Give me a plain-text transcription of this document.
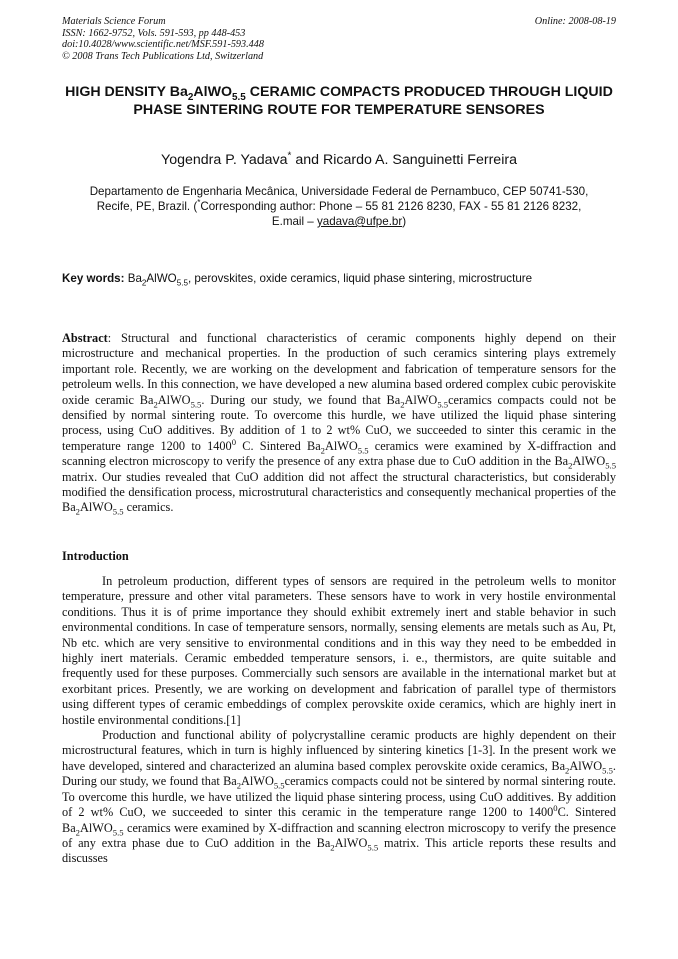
Materials Science Forum
ISSN: 1662-9752, Vols. 591-593, pp 448-453
doi:10.4028/www.scientific.net/MSF.591-593.448
© 2008 Trans Tech Publications Ltd, Switzerland
Online: 2008-08-19
HIGH DENSITY $Ba_2AlWO_{5.5}$ CERAMIC COMPACTS PRODUCED THROUGH LIQUID PHASE SINTERING ROUTE FOR TEMPERATURE SENSORES
Yogendra P. Yadava* and Ricardo A. Sanguinetti Ferreira
Departamento de Engenharia Mecânica, Universidade Federal de Pernambuco, CEP 50741-530,
Recife, PE, Brazil. (*Corresponding author: Phone – 55 81 2126 8230, FAX - 55 81 2126 8232,
E.mail – yadava@ufpe.br)
Key words: $Ba_2AlWO_{5.5}$, perovskites, oxide ceramics, liquid phase sintering, microstructure
Abstract: Structural and functional characteristics of ceramic components highly depend on their microstructure and mechanical properties. In the production of such ceramics sintering plays extremely important role. Recently, we are working on the development and fabrication of temperature sensors for the petroleum wells. In this connection, we have developed a new alumina based ordered complex cubic peroviskite oxide ceramic $Ba_2AlWO_{5.5}$. During our study, we found that $Ba_2AlWO_{5.5}ceramics$ compacts could not be densified by normal sintering route. To overcome this hurdle, we have utilized the liquid phase sintering process, using CuO additives. By addition of 1 to 2 wt% CuO, we succeeded to sinter this ceramic in the temperature range 1200 to 1400$^0$ C. Sintered $Ba_2AlWO_{5.5}$ ceramics were examined by X-diffraction and scanning electron microscopy to verify the presence of any extra phase due to CuO addition in the $Ba_2AlWO_{5.5}$ matrix. Our studies revealed that CuO addition did not affect the structural characteristics, but considerably modified the densification process, microstrutural characteristics and consequently mechanical properties of the $Ba_2AlWO_{5.5}$ ceramics.
Introduction

In petroleum production, different types of sensors are required in the petroleum wells to monitor temperature, pressure and other vital parameters. These sensors have to work in very hostile environmental conditions. Thus it is of prime importance they should exhibit extremely inert and stable behavior in such environmental conditions. In case of temperature sensors, normally, sensing elements are metals such as Au, Pt, Nb etc. which are very sensitive to environmental conditions and in this way they need to be embedded in highly inert materials. Ceramic embedded temperature sensors, i. e., thermistors, are quite suitable and frequently used for these purposes. Commercially such sensors are available in the international market but at exorbitant prices. Presently, we are working on development and fabrication of parallel type of thermistors using different types of ceramic embeddings of complex perovskite oxide ceramics, which are highly inert in hostile environmental conditions.[1]

Production and functional ability of polycrystalline ceramic products are highly dependent on their microstructural features, which in turn is highly influenced by sintering kinetics [1-3]. In the present work we have developed, sintered and characterized an alumina based complex perovskite oxide ceramics, $Ba_2AlWO_{5.5}$. During our study, we found that $Ba_2AlWO_{5.5}ceramics$ compacts could not be sintered by normal sintering route. To overcome this hurdle, we have utilized the liquid phase sintering process, using CuO additives. By addition of 2 wt% CuO, we succeeded to sinter this ceramic in the temperature range 1200 to 1400$^0$C. Sintered $Ba_2AlWO_{5.5}$ ceramics were examined by X-diffraction and scanning electron microscopy to verify the presence of any extra phase due to CuO addition in the $Ba_2AlWO_{5.5}$ matrix. This article reports these results and discusses
